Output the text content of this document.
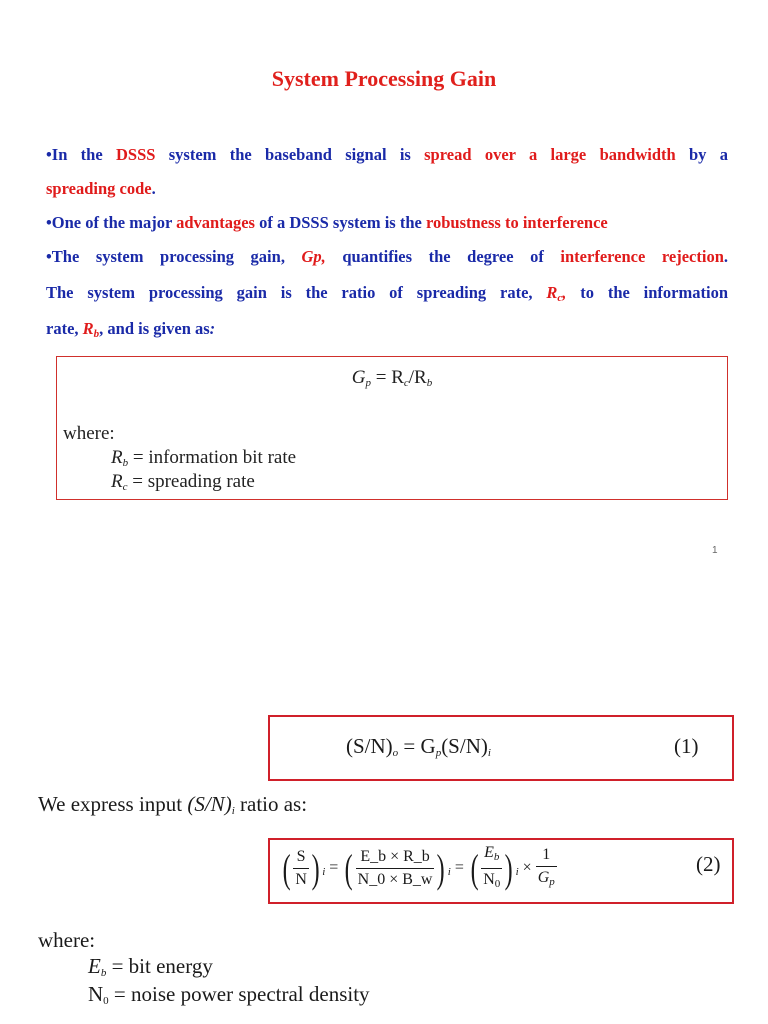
System Processing Gain

•In the DSSS system the baseband signal is spread over a large bandwidth by a

spreading code.

•One of the major advantages of a DSSS system is the robustness to interference

•The system processing gain, Gp, quantifies the degree of interference rejection.

The system processing gain is the ratio of spreading rate, $R_c$, to the information

rate, $R_b$, and is given as:

$G_p = R_c/R_b$
where:
$R_b$ = information bit rate
$R_c$ = spreading rate
1
$(S/N)_o = G_p(S/N)_i$	(1)
We express input $(S/N)_i$ ratio as:
( $\frac{S}{N}$ ) $_i$ = ( $\frac{E\_b \times R\_b}{N\_0 \times B\_w}$ ) $_i$ = ( $\frac{E_b}{N_0}$ ) $_i \times \frac{1}{G_p}$	(2)
where:
$E_b$ = bit energy
$N_0$ = noise power spectral density
